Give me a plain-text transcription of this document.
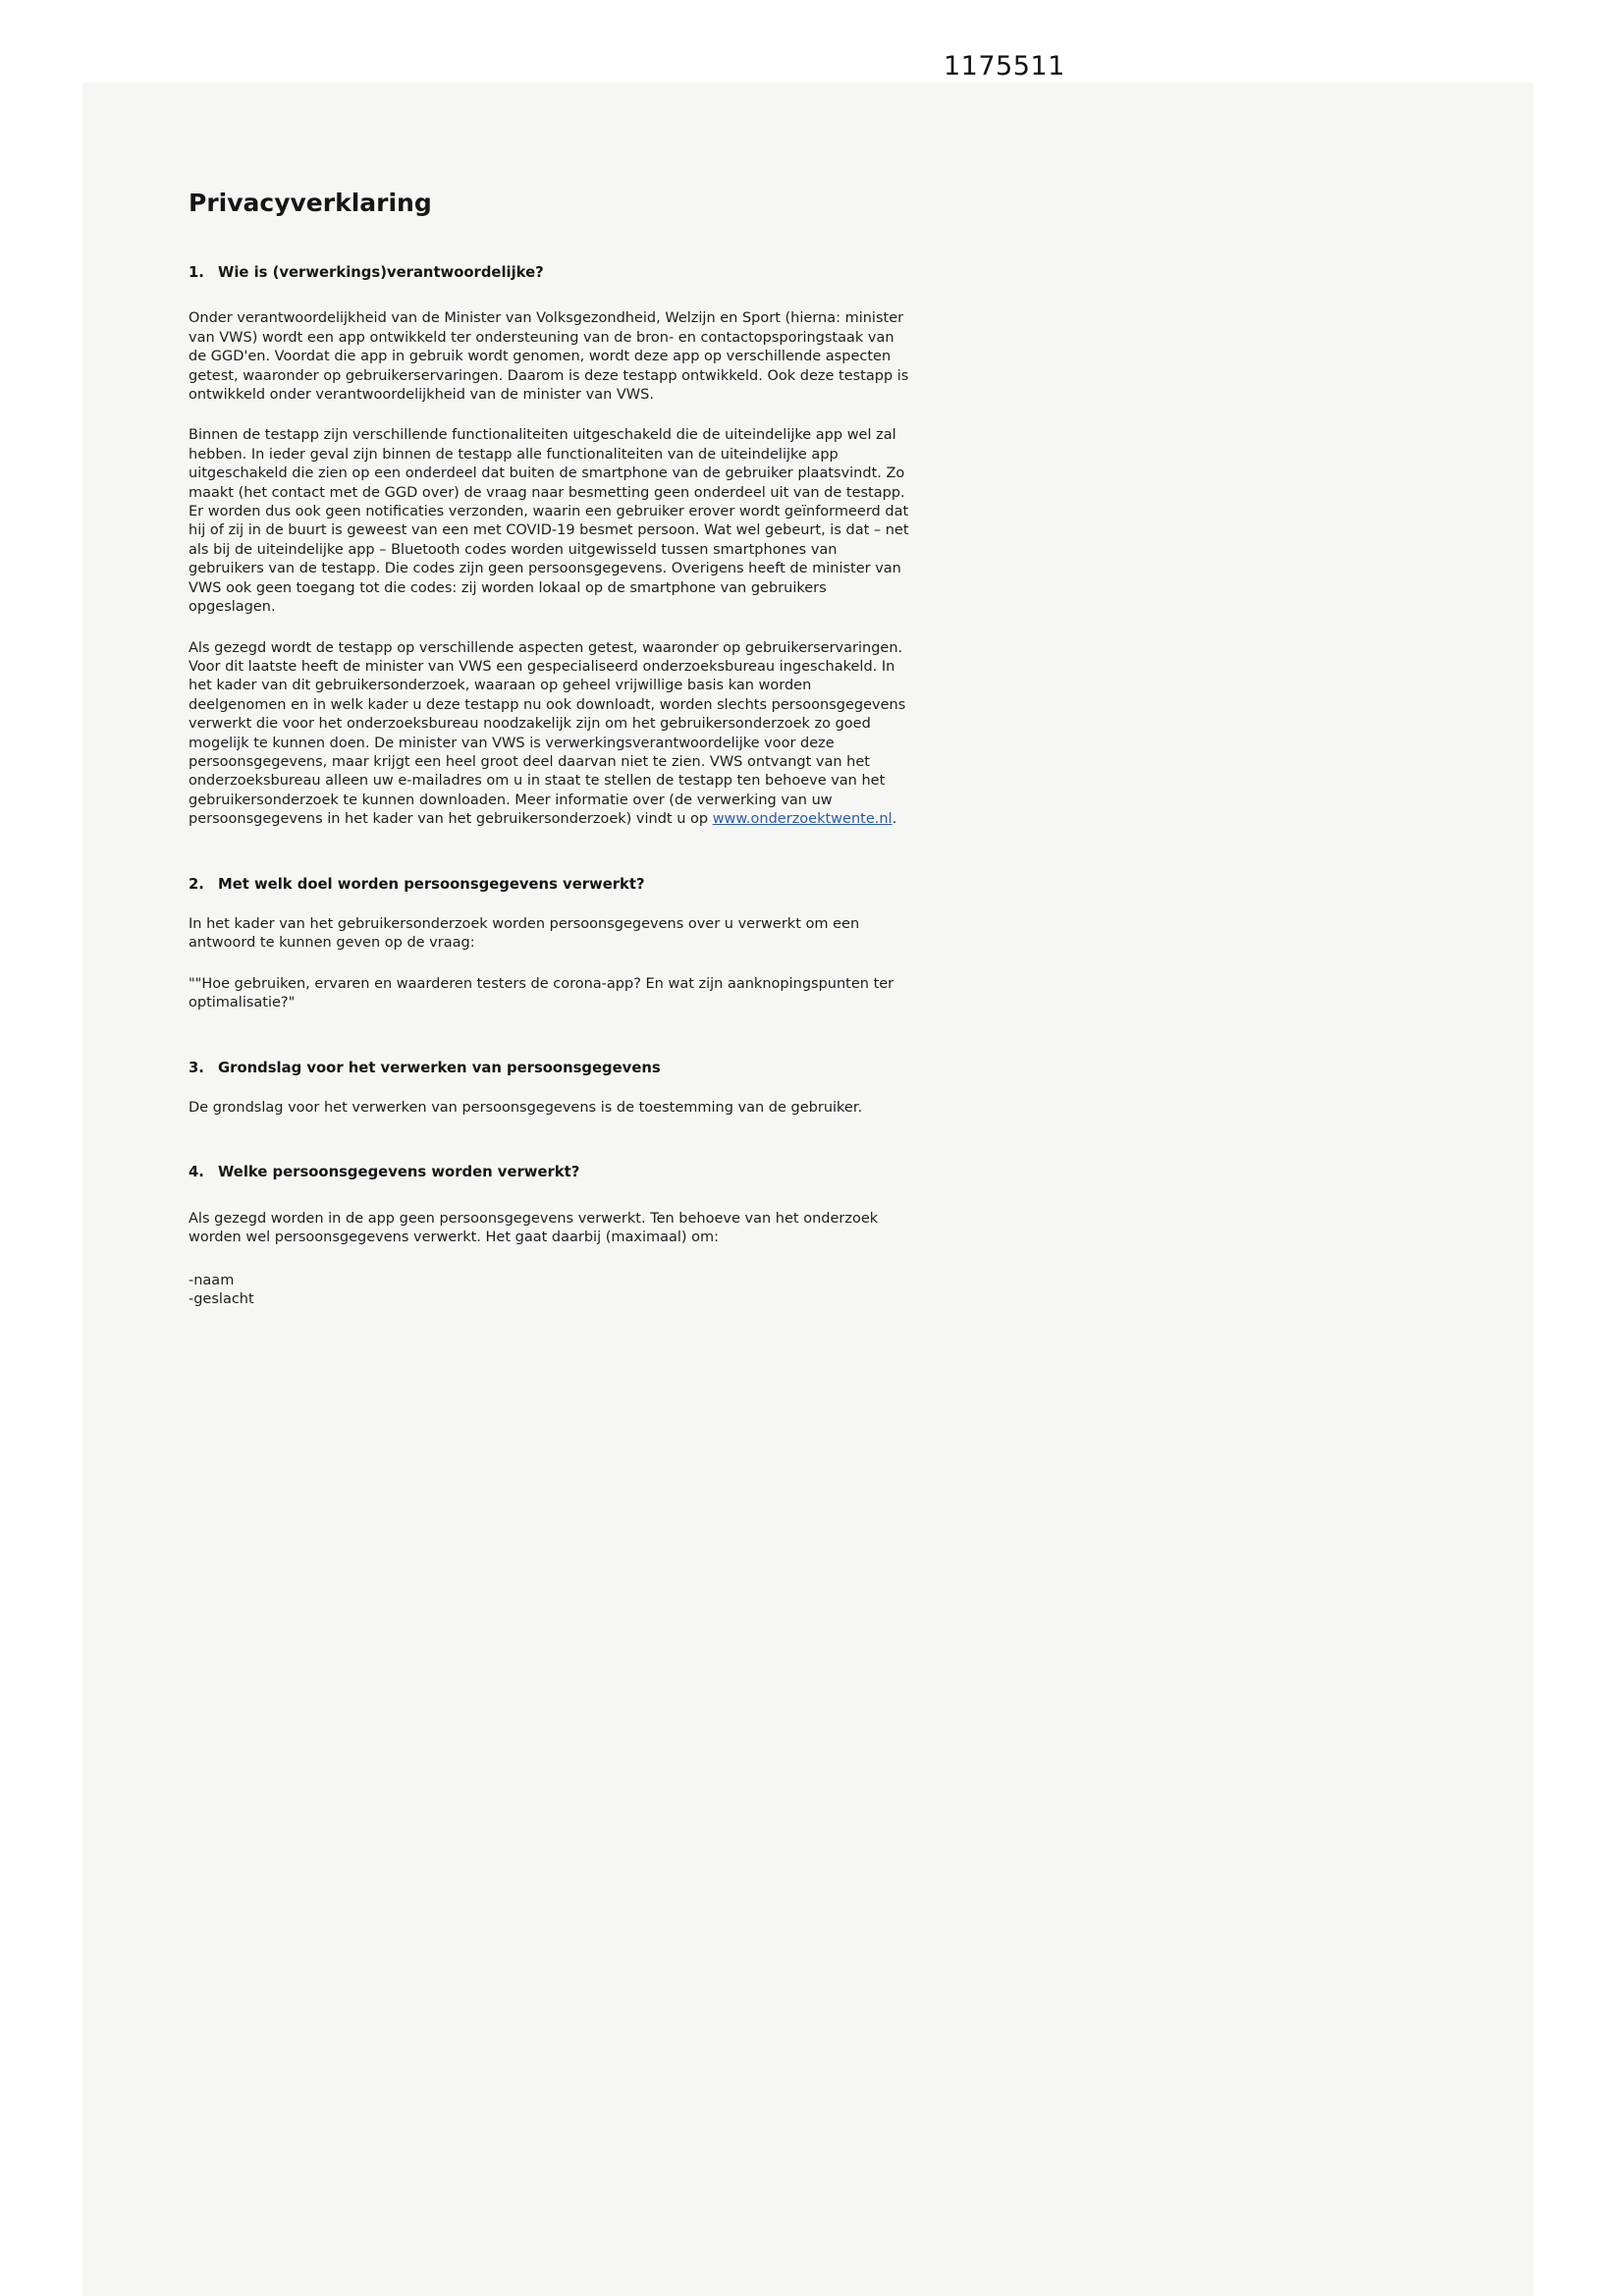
1175511
Privacyverklaring
1. Wie is (verwerkings)verantwoordelijke?

Onder verantwoordelijkheid van de Minister van Volksgezondheid, Welzijn en Sport (hierna: minister van VWS) wordt een app ontwikkeld ter ondersteuning van de bron- en contactopsporingstaak van de GGD'en. Voordat die app in gebruik wordt genomen, wordt deze app op verschillende aspecten getest, waaronder op gebruikerservaringen. Daarom is deze testapp ontwikkeld. Ook deze testapp is ontwikkeld onder verantwoordelijkheid van de minister van VWS.

Binnen de testapp zijn verschillende functionaliteiten uitgeschakeld die de uiteindelijke app wel zal hebben. In ieder geval zijn binnen de testapp alle functionaliteiten van de uiteindelijke app uitgeschakeld die zien op een onderdeel dat buiten de smartphone van de gebruiker plaatsvindt. Zo maakt (het contact met de GGD over) de vraag naar besmetting geen onderdeel uit van de testapp. Er worden dus ook geen notificaties verzonden, waarin een gebruiker erover wordt geïnformeerd dat hij of zij in de buurt is geweest van een met COVID-19 besmet persoon. Wat wel gebeurt, is dat – net als bij de uiteindelijke app – Bluetooth codes worden uitgewisseld tussen smartphones van gebruikers van de testapp. Die codes zijn geen persoonsgegevens. Overigens heeft de minister van VWS ook geen toegang tot die codes: zij worden lokaal op de smartphone van gebruikers opgeslagen.

Als gezegd wordt de testapp op verschillende aspecten getest, waaronder op gebruikerservaringen. Voor dit laatste heeft de minister van VWS een gespecialiseerd onderzoeksbureau ingeschakeld. In het kader van dit gebruikersonderzoek, waaraan op geheel vrijwillige basis kan worden deelgenomen en in welk kader u deze testapp nu ook downloadt, worden slechts persoonsgegevens verwerkt die voor het onderzoeksbureau noodzakelijk zijn om het gebruikersonderzoek zo goed mogelijk te kunnen doen. De minister van VWS is verwerkingsverantwoordelijke voor deze persoonsgegevens, maar krijgt een heel groot deel daarvan niet te zien. VWS ontvangt van het onderzoeksbureau alleen uw e-mailadres om u in staat te stellen de testapp ten behoeve van het gebruikersonderzoek te kunnen downloaden. Meer informatie over (de verwerking van uw persoonsgegevens in het kader van het gebruikersonderzoek) vindt u op www.onderzoektwente.nl.

2. Met welk doel worden persoonsgegevens verwerkt?

In het kader van het gebruikersonderzoek worden persoonsgegevens over u verwerkt om een antwoord te kunnen geven op de vraag:

""Hoe gebruiken, ervaren en waarderen testers de corona-app? En wat zijn aanknopingspunten ter optimalisatie?"

3. Grondslag voor het verwerken van persoonsgegevens

De grondslag voor het verwerken van persoonsgegevens is de toestemming van de gebruiker.

4. Welke persoonsgegevens worden verwerkt?

Als gezegd worden in de app geen persoonsgegevens verwerkt. Ten behoeve van het onderzoek worden wel persoonsgegevens verwerkt. Het gaat daarbij (maximaal) om:

-naam

-geslacht
